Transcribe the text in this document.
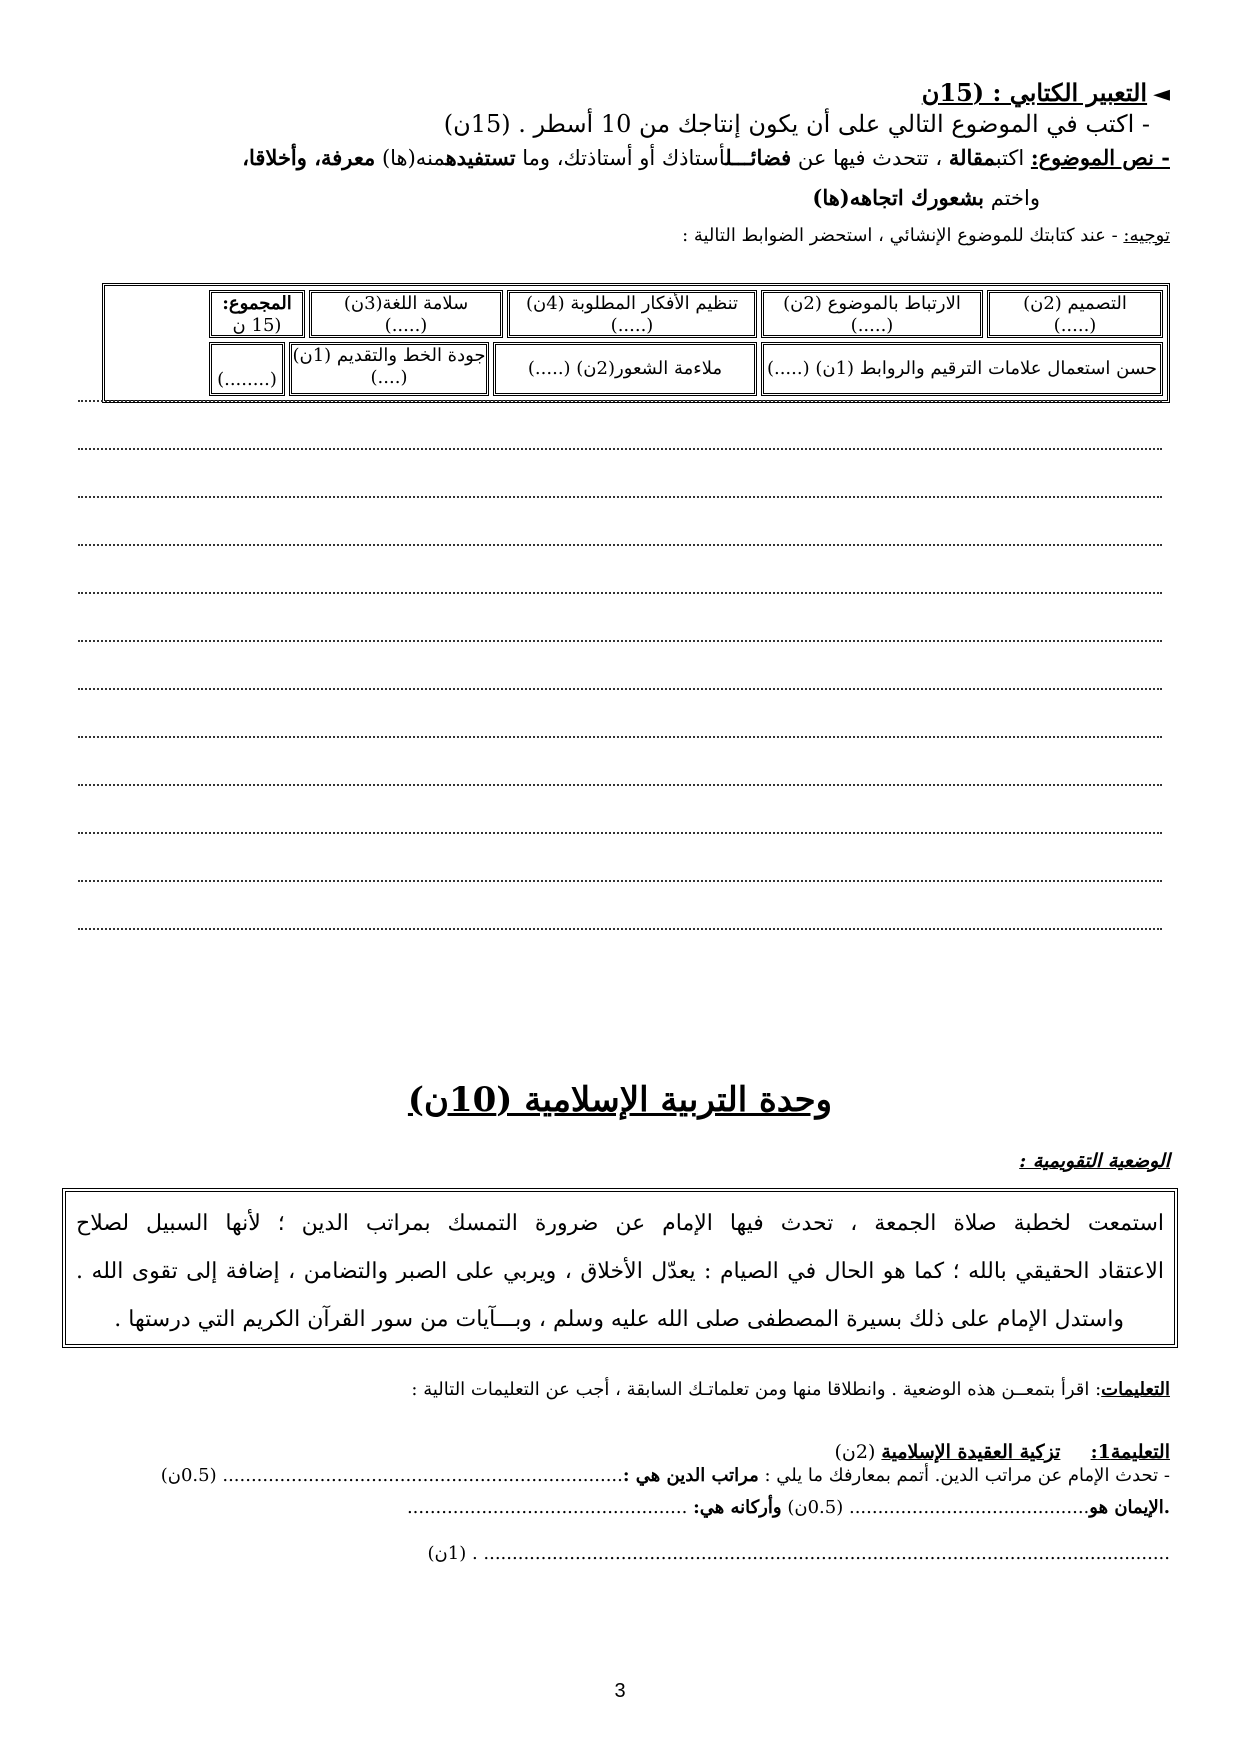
◄التعبير الكتابي : (15ن
- اكتب في الموضوع التالي على أن يكون إنتاجك من 10 أسطر . (15ن)
- نص الموضوع: اكتبمقالة ، تتحدث فيها عن فضائـــلأستاذك أو أستاذتك، وما تستفيدهمنه(ها) معرفة، وأخلاقا،
واختم بشعورك اتجاهه(ها)
توجيه: - عند كتابتك للموضوع الإنشائي ، استحضر الضوابط التالية :
التصميم (2ن)
(.....)
الارتباط بالموضوع (2ن)
(.....)
تنظيم الأفكار المطلوبة (4ن)
(.....)
سلامة اللغة(3ن)
(.....)
المجموع:
(15 ن
حسن استعمال علامات الترقيم والروابط (1ن) (.....)
ملاءمة الشعور(2ن) (.....)
جودة الخط والتقديم (1ن)
(....)
(........)
وحدة التربية الإسلامية (10ن)
الوضعية التقويمية :

استمعت لخطبة صلاة الجمعة ، تحدث فيها الإمام عن ضرورة التمسك بمراتب الدين ؛ لأنها السبيل لصلاح

الاعتقاد الحقيقي بالله ؛ كما هو الحال في الصيام : يعدّل الأخلاق ، ويربي على الصبر والتضامن ، إضافة إلى تقوى الله .

واستدل الإمام على ذلك بسيرة المصطفى صلى الله عليه وسلم ، وبـــآيات من سور القرآن الكريم التي درستها .

التعليمات: اقرأ بتمعــن هذه الوضعية . وانطلاقا منها ومن تعلماتـك السابقة ، أجب عن التعليمات التالية :
التعليمة1:     تزكية العقيدة الإسلامية (2ن)
- تحدث الإمام عن مراتب الدين. أتمم بمعارفك ما يلي : مراتب الدين هي :...................................................................... (0.5ن)
.الإيمان هو.......................................... (0.5ن) وأركانه هي: .................................................
........................................................................................................................ . (1ن)
3
